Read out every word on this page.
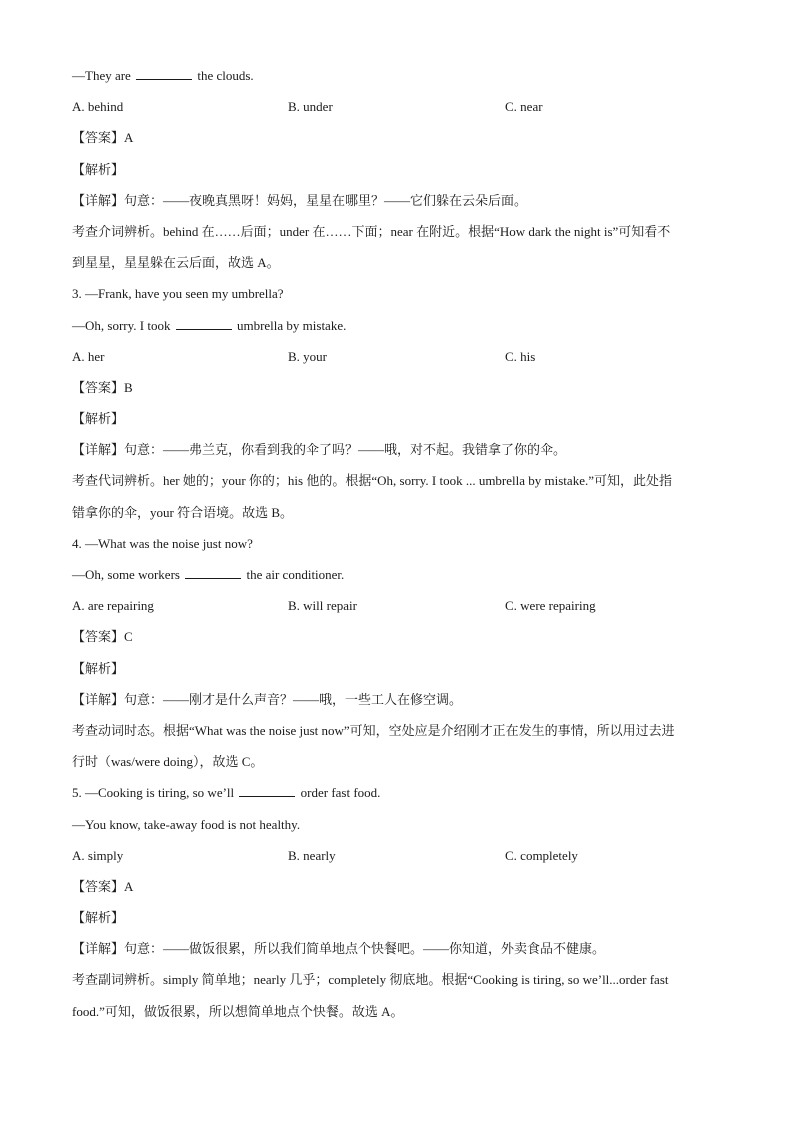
—They are	the clouds.
A. behind	B. under	C. near
【答案】A
【解析】
【详解】句意：——夜晚真黑呀！妈妈，星星在哪里？——它们躲在云朵后面。
考查介词辨析。behind 在……后面；under 在……下面；near 在附近。根据“How dark the night is”可知看不
到星星，星星躲在云后面，故选 A。
3. —Frank, have you seen my umbrella?
—Oh, sorry. I took	umbrella by mistake.
A. her	B. your	C. his
【答案】B
【解析】
【详解】句意：——弗兰克，你看到我的伞了吗？——哦，对不起。我错拿了你的伞。
考查代词辨析。her 她的；your 你的；his 他的。根据“Oh, sorry. I took ... umbrella by mistake.”可知，此处指
错拿你的伞，your 符合语境。故选 B。
4. —What was the noise just now?
—Oh, some workers	the air conditioner.
A. are repairing	B. will repair	C. were repairing
【答案】C
【解析】
【详解】句意：——刚才是什么声音？——哦，一些工人在修空调。
考查动词时态。根据“What was the noise just now”可知，空处应是介绍刚才正在发生的事情，所以用过去进
行时（was/were doing），故选 C。
5. —Cooking is tiring, so we’ll	order fast food.
—You know, take-away food is not healthy.
A. simply	B. nearly	C. completely
【答案】A
【解析】
【详解】句意：——做饭很累，所以我们简单地点个快餐吧。——你知道，外卖食品不健康。
考查副词辨析。simply 简单地；nearly 几乎；completely 彻底地。根据“Cooking is tiring, so we’ll...order fast
food.”可知，做饭很累，所以想简单地点个快餐。故选 A。
